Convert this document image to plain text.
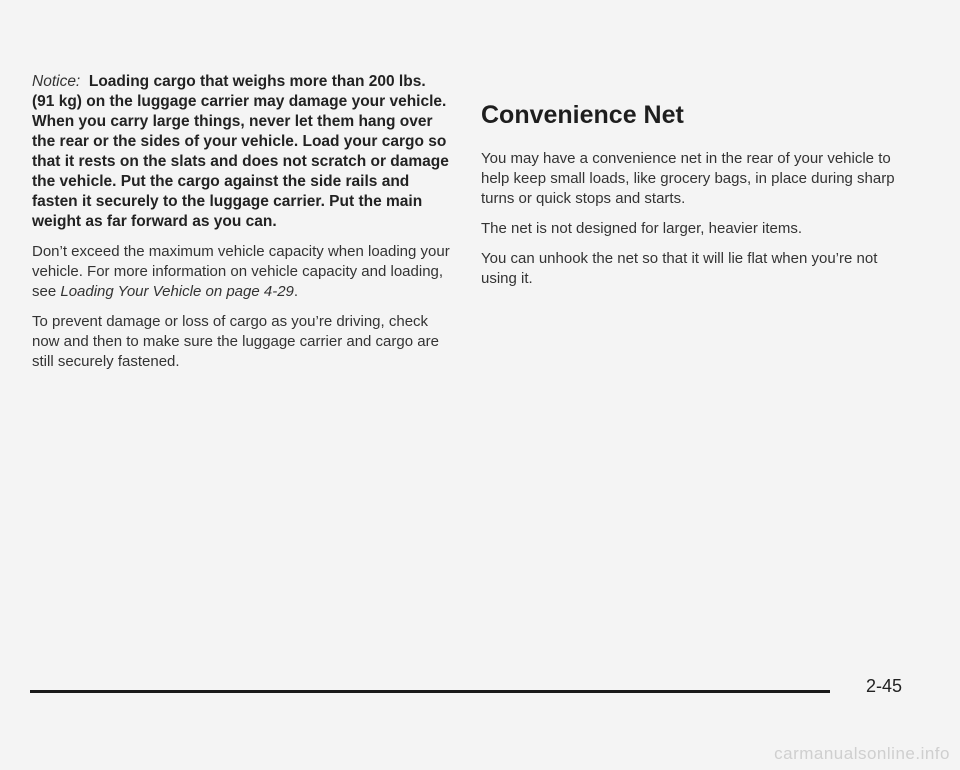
Notice: Loading cargo that weighs more than 200 lbs. (91 kg) on the luggage carrier may damage your vehicle. When you carry large things, never let them hang over the rear or the sides of your vehicle. Load your cargo so that it rests on the slats and does not scratch or damage the vehicle. Put the cargo against the side rails and fasten it securely to the luggage carrier. Put the main weight as far forward as you can.

Don’t exceed the maximum vehicle capacity when loading your vehicle. For more information on vehicle capacity and loading, see Loading Your Vehicle on page 4-29.

To prevent damage or loss of cargo as you’re driving, check now and then to make sure the luggage carrier and cargo are still securely fastened.

Convenience Net

You may have a convenience net in the rear of your vehicle to help keep small loads, like grocery bags, in place during sharp turns or quick stops and starts.

The net is not designed for larger, heavier items.

You can unhook the net so that it will lie flat when you’re not using it.

2-45
carmanualsonline.info
